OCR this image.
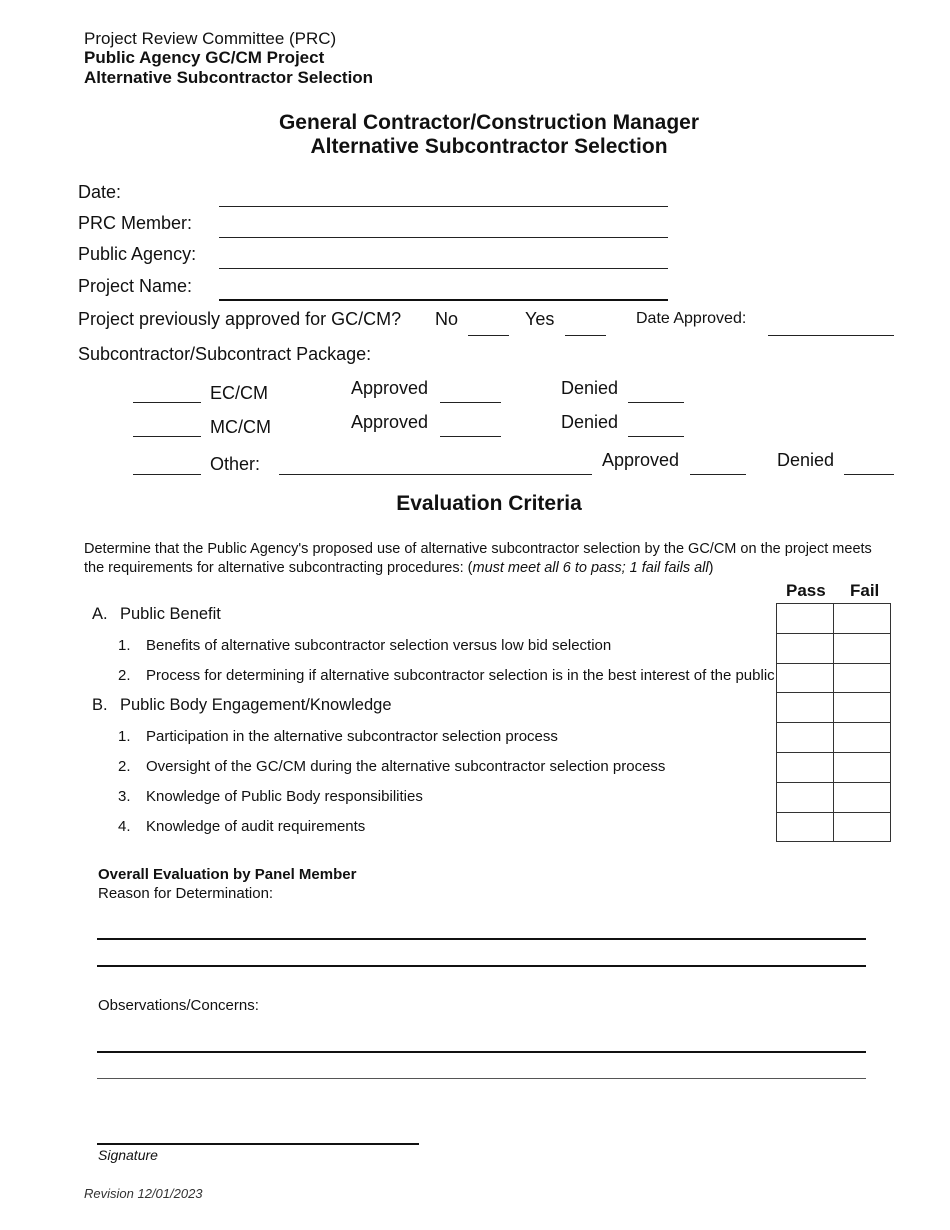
Project Review Committee (PRC)
Public Agency GC/CM Project
Alternative Subcontractor Selection
General Contractor/Construction Manager
Alternative Subcontractor Selection
Date:
PRC Member:
Public Agency:
Project Name:
Project previously approved for GC/CM? No	Yes	Date Approved:
Subcontractor/Subcontract Package:
EC/CM	Approved	Denied
MC/CM	Approved	Denied
Other:	Approved	Denied
Evaluation Criteria
Determine that the Public Agency's proposed use of alternative subcontractor selection by the GC/CM on the project meets the requirements for alternative subcontracting procedures: (must meet all 6 to pass; 1 fail fails all)
Pass Fail
A. Public Benefit
1. Benefits of alternative subcontractor selection versus low bid selection
2. Process for determining if alternative subcontractor selection is in the best interest of the public
B. Public Body Engagement/Knowledge
1. Participation in the alternative subcontractor selection process
2. Oversight of the GC/CM during the alternative subcontractor selection process
3. Knowledge of Public Body responsibilities
4. Knowledge of audit requirements

Overall Evaluation by Panel Member
Reason for Determination:
Observations/Concerns:
Signature
Revision 12/01/2023
